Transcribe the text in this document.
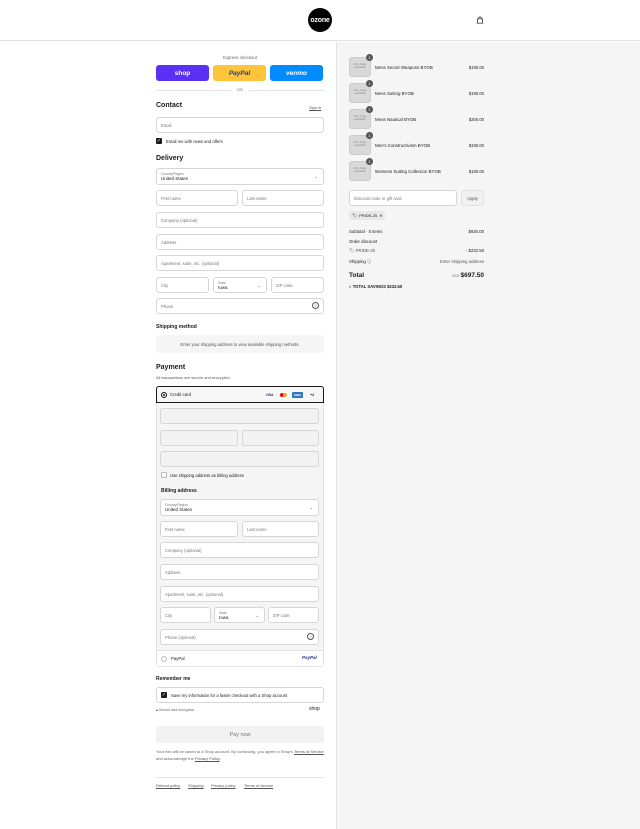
ozone
Express checkout
shop	PayPal	venmo
OR
Contact	Sign in
Email
✓ Email me with news and offers
Delivery
Country/Region
United States	⌄
First name	Last name
Company (optional)
Address
Apartment, suite, etc. (optional)
City	State
Iowa	⌄	ZIP code
Phone	?
Shipping method
Enter your shipping address to view available shipping methods.
Payment
All transactions are secure and encrypted.
Credit card	VISA	AMEX	+4
Use shipping address as billing address
Billing address
Country/Region
United States	⌄
First name	Last name
Company (optional)
Address
Apartment, suite, etc. (optional)
City	State
Iowa	⌄	ZIP code
Phone (optional)	?
PayPal	PayPal
Remember me
✓ Save my information for a faster checkout with a Shop account
🔒︎ Secure and encrypted	shop
Pay now
Your info will be saved to a Shop account. By continuing, you agree to Shop's Terms of Service and acknowledge the Privacy Policy.
Refund policy Shipping Privacy policy Terms of service
Sorry, image unavailable
1
Mens Secret Weapons BYOB	$190.00
Sorry, image unavailable
1
Mens Suiting BYOB	$190.00
Sorry, image unavailable
1
Mens Nautical BYOB	$200.00
Sorry, image unavailable
1
Men's Constructivism BYOB	$190.00
Sorry, image unavailable
1
Womens Suiting Collection BYOB	$180.00
Discount code or gift card	Apply
🏷︎ PRIDE-25 ✕
Subtotal · 5 items	$930.00
Order discount
🏷︎ PRIDE-25	- $232.50
Shipping ⓘ	Enter shipping address
Total	USD $697.50
◐ TOTAL SAVINGS $232.50
